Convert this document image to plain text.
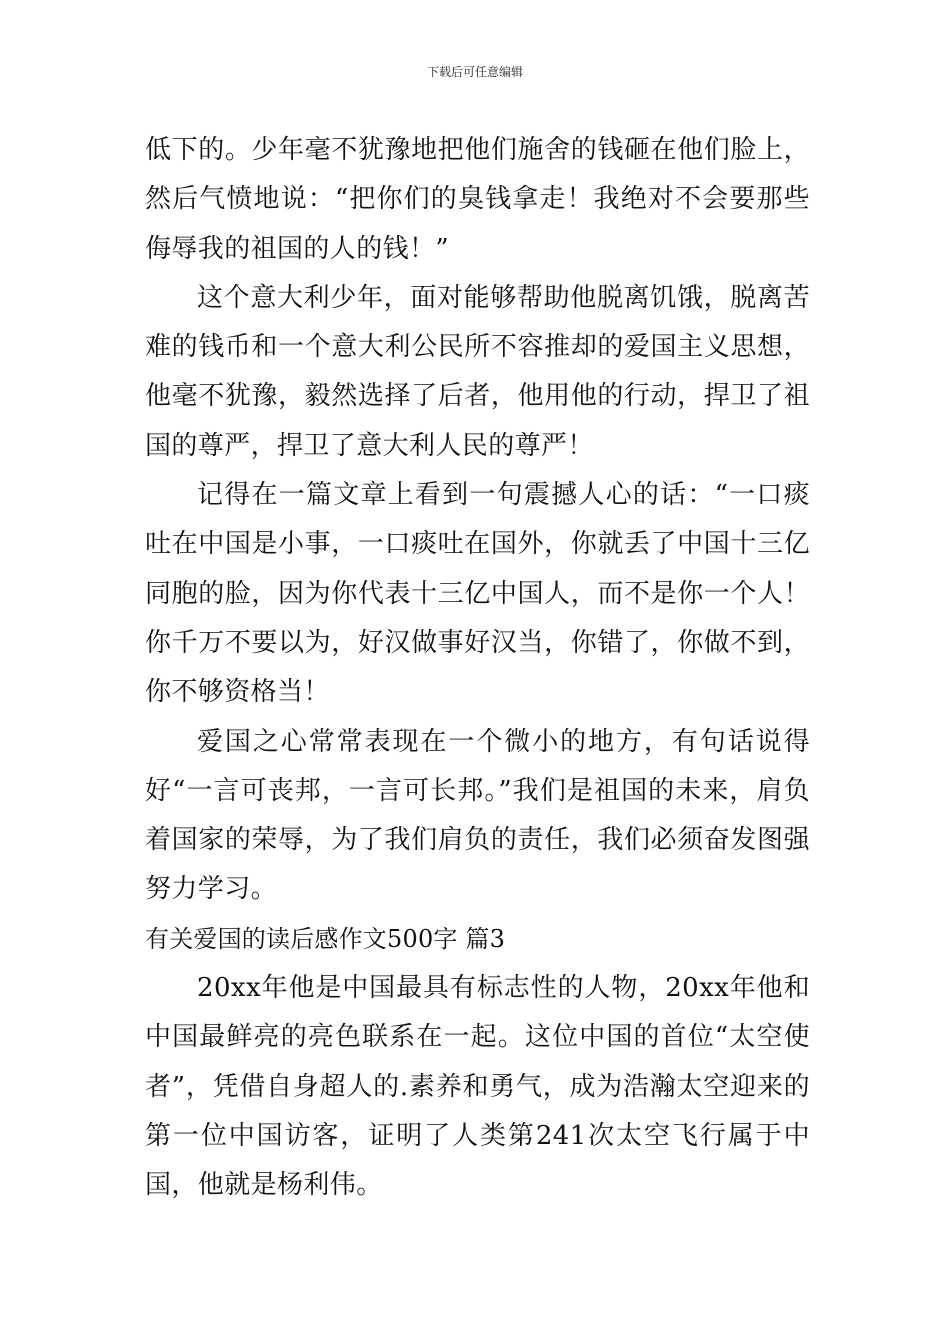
下载后可任意编辑

低下的。少年毫不犹豫地把他们施舍的钱砸在他们脸上，然后气愤地说：“把你们的臭钱拿走！我绝对不会要那些侮辱我的祖国的人的钱！”

这个意大利少年，面对能够帮助他脱离饥饿，脱离苦难的钱币和一个意大利公民所不容推却的爱国主义思想，他毫不犹豫，毅然选择了后者，他用他的行动，捍卫了祖国的尊严，捍卫了意大利人民的尊严！

记得在一篇文章上看到一句震撼人心的话：“一口痰吐在中国是小事，一口痰吐在国外，你就丢了中国十三亿同胞的脸，因为你代表十三亿中国人，而不是你一个人！你千万不要以为，好汉做事好汉当，你错了，你做不到，你不够资格当！

爱国之心常常表现在一个微小的地方，有句话说得好“一言可丧邦，一言可长邦。”我们是祖国的未来，肩负着国家的荣辱，为了我们肩负的责任，我们必须奋发图强努力学习。

有关爱国的读后感作文500字 篇3

20xx年他是中国最具有标志性的人物，20xx年他和中国最鲜亮的亮色联系在一起。这位中国的首位“太空使者”，凭借自身超人的.素养和勇气，成为浩瀚太空迎来的第一位中国访客，证明了人类第241次太空飞行属于中国，他就是杨利伟。
